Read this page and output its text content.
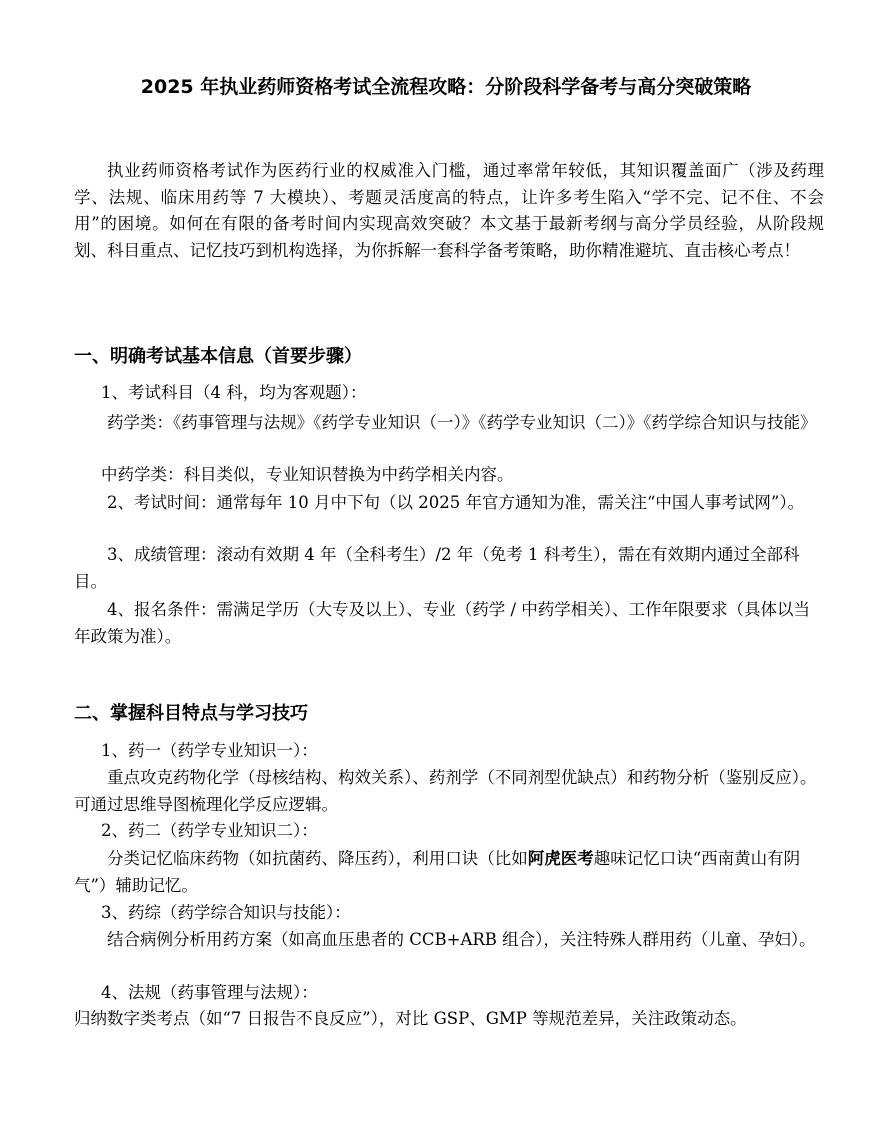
2025 年执业药师资格考试全流程攻略：分阶段科学备考与高分突破策略
执业药师资格考试作为医药行业的权威准入门槛，通过率常年较低，其知识覆盖面广（涉及药理学、法规、临床用药等 7 大模块）、考题灵活度高的特点，让许多考生陷入“学不完、记不住、不会用”的困境。如何在有限的备考时间内实现高效突破？本文基于最新考纲与高分学员经验，从阶段规划、科目重点、记忆技巧到机构选择，为你拆解一套科学备考策略，助你精准避坑、直击核心考点！
一、明确考试基本信息（首要步骤）
1、考试科目（4 科，均为客观题）：
药学类：《药事管理与法规》《药学专业知识（一）》《药学专业知识（二）》《药学综合知识与技能》
中药学类：科目类似，专业知识替换为中药学相关内容。
2、考试时间：通常每年 10 月中下旬（以 2025 年官方通知为准，需关注“中国人事考试网”）。
3、成绩管理：滚动有效期 4 年（全科考生）/2 年（免考 1 科考生），需在有效期内通过全部科目。
4、报名条件：需满足学历（大专及以上）、专业（药学 / 中药学相关）、工作年限要求（具体以当年政策为准）。
二、掌握科目特点与学习技巧
1、药一（药学专业知识一）：
重点攻克药物化学（母核结构、构效关系）、药剂学（不同剂型优缺点）和药物分析（鉴别反应）。可通过思维导图梳理化学反应逻辑。
2、药二（药学专业知识二）：
分类记忆临床药物（如抗菌药、降压药），利用口诀（比如阿虎医考趣味记忆口诀“西南黄山有阴气”）辅助记忆。
3、药综（药学综合知识与技能）：
结合病例分析用药方案（如高血压患者的 CCB+ARB 组合），关注特殊人群用药（儿童、孕妇）。
4、法规（药事管理与法规）：
归纳数字类考点（如“7 日报告不良反应”），对比 GSP、GMP 等规范差异，关注政策动态。
